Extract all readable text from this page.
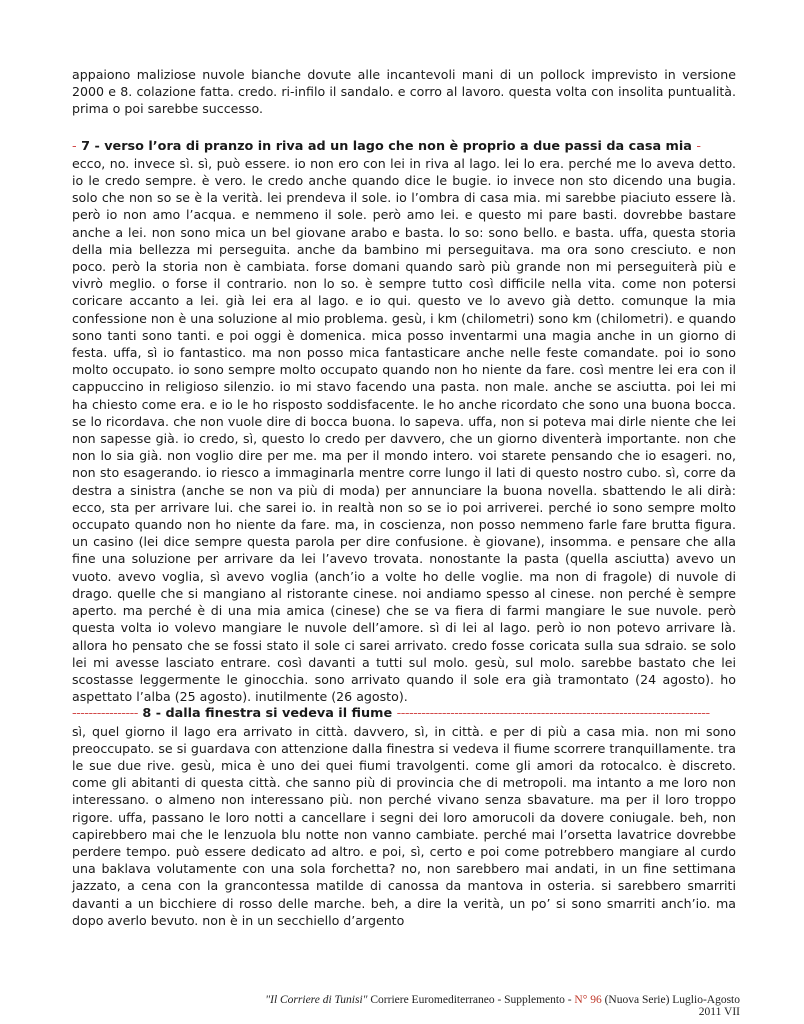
appaiono maliziose nuvole bianche dovute alle incantevoli mani di un pollock imprevisto in versione 2000 e 8. colazione fatta. credo. ri-infilo il sandalo. e corro al lavoro. questa volta con insolita puntualità. prima o poi sarebbe successo.

- 7 - verso l’ora di pranzo in riva ad un lago che non è proprio a due passi da casa mia -

ecco, no. invece sì. sì, può essere. io non ero con lei in riva al lago. lei lo era. perché me lo aveva detto. io le credo sempre. è vero. le credo anche quando dice le bugie. io invece non sto dicendo una bugia. solo che non so se è la verità. lei prendeva il sole. io l’ombra di casa mia. mi sarebbe piaciuto essere là. però io non amo l’acqua. e nemmeno il sole. però amo lei. e questo mi pare basti. dovrebbe bastare anche a lei. non sono mica un bel giovane arabo e basta. lo so: sono bello. e basta. uffa, questa storia della mia bellezza mi perseguita. anche da bambino mi perseguitava. ma ora sono cresciuto. e non poco. però la storia non è cambiata. forse domani quando sarò più grande non mi perseguiterà più e vivrò meglio. o forse il contrario. non lo so. è sempre tutto così difficile nella vita. come non potersi coricare accanto a lei. già lei era al lago. e io qui. questo ve lo avevo già detto. comunque la mia confessione non è una soluzione al mio problema. gesù, i km (chilometri) sono km (chilometri). e quando sono tanti sono tanti. e poi oggi è domenica. mica posso inventarmi una magia anche in un giorno di festa. uffa, sì io fantastico. ma non posso mica fantasticare anche nelle feste comandate. poi io sono molto occupato. io sono sempre molto occupato quando non ho niente da fare. così mentre lei era con il cappuccino in religioso silenzio. io mi stavo facendo una pasta. non male. anche se asciutta. poi lei mi ha chiesto come era. e io le ho risposto soddisfacente. le ho anche ricordato che sono una buona bocca. se lo ricordava. che non vuole dire di bocca buona. lo sapeva. uffa, non si poteva mai dirle niente che lei non sapesse già. io credo, sì, questo lo credo per davvero, che un giorno diventerà importante. non che non lo sia già. non voglio dire per me. ma per il mondo intero. voi starete pensando che io esageri. no, non sto esagerando. io riesco a immaginarla mentre corre lungo il lati di questo nostro cubo. sì, corre da destra a sinistra (anche se non va più di moda) per annunciare la buona novella. sbattendo le ali dirà: ecco, sta per arrivare lui. che sarei io. in realtà non so se io poi arriverei. perché io sono sempre molto occupato quando non ho niente da fare. ma, in coscienza, non posso nemmeno farle fare brutta figura. un casino (lei dice sempre questa parola per dire confusione. è giovane), insomma. e pensare che alla fine una soluzione per arrivare da lei l’avevo trovata. nonostante la pasta (quella asciutta) avevo un vuoto. avevo voglia, sì avevo voglia (anch’io a volte ho delle voglie. ma non di fragole) di nuvole di drago. quelle che si mangiano al ristorante cinese. noi andiamo spesso al cinese. non perché è sempre aperto. ma perché è di una mia amica (cinese) che se va fiera di farmi mangiare le sue nuvole. però questa volta io volevo mangiare le nuvole dell’amore. sì di lei al lago. però io non potevo arrivare là. allora ho pensato che se fossi stato il sole ci sarei arrivato. credo fosse coricata sulla sua sdraio. se solo lei mi avesse lasciato entrare. così davanti a tutti sul molo. gesù, sul molo. sarebbe bastato che lei scostasse leggermente le ginocchia. sono arrivato quando il sole era già tramontato (24 agosto). ho aspettato l’alba (25 agosto). inutilmente (26 agosto).

---------------- 8 - dalla finestra si vedeva il fiume ----------------------------------------------------------------------------

sì, quel giorno il lago era arrivato in città. davvero, sì, in città. e per di più a casa mia. non mi sono preoccupato. se si guardava con attenzione dalla finestra si vedeva il fiume scorrere tranquillamente. tra le sue due rive. gesù, mica è uno dei quei fiumi travolgenti. come gli amori da rotocalco. è discreto. come gli abitanti di questa città. che sanno più di provincia che di metropoli. ma intanto a me loro non interessano. o almeno non interessano più. non perché vivano senza sbavature. ma per il loro troppo rigore. uffa, passano le loro notti a cancellare i segni dei loro amorucoli da dovere coniugale. beh, non capirebbero mai che le lenzuola blu notte non vanno cambiate. perché mai l’orsetta lavatrice dovrebbe perdere tempo. può essere dedicato ad altro. e poi, sì, certo e poi come potrebbero mangiare al curdo una baklava volutamente con una sola forchetta? no, non sarebbero mai andati, in un fine settimana jazzato, a cena con la grancontessa matilde di canossa da mantova in osteria. si sarebbero smarriti davanti a un bicchiere di rosso delle marche. beh, a dire la verità, un po’ si sono smarriti anch’io. ma dopo averlo bevuto. non è in un secchiello d’argento

"Il Corriere di Tunisi" Corriere Euromediterraneo - Supplemento - N° 96 (Nuova Serie) Luglio-Agosto 2011 VII
